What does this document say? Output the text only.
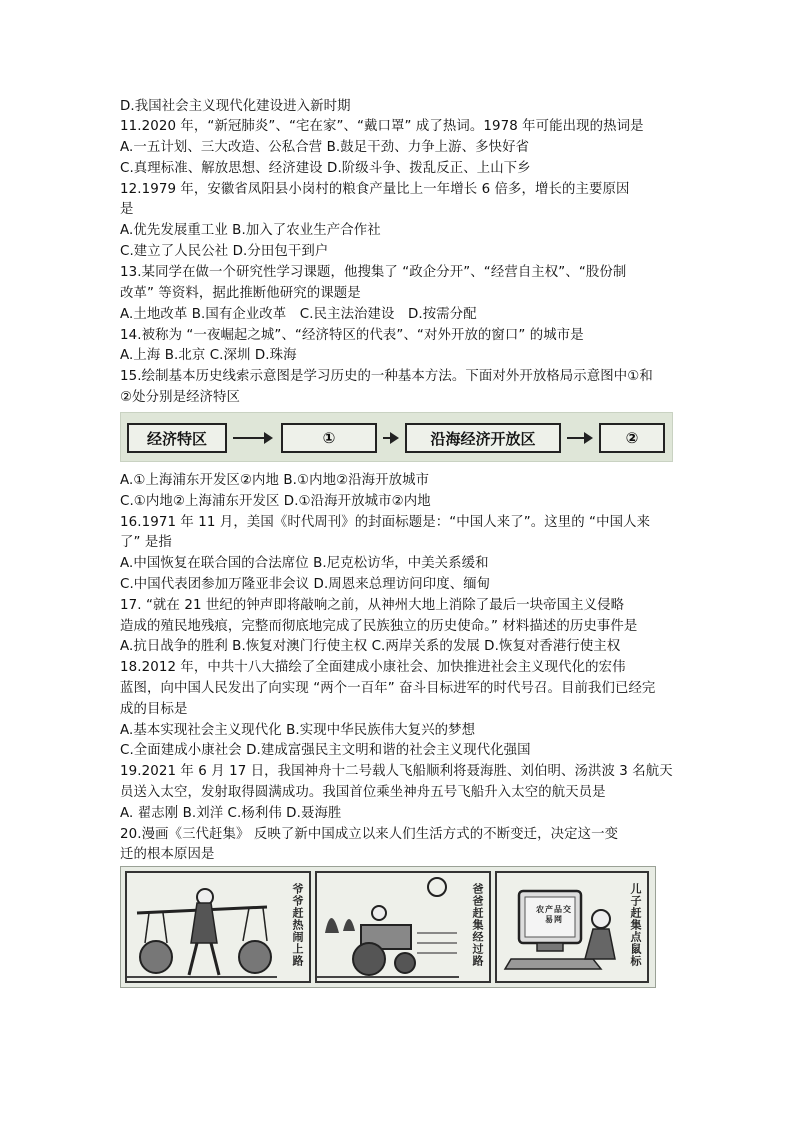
D.我国社会主义现代化建设进入新时期
11.2020 年，“新冠肺炎”、“宅在家”、“戴口罩” 成了热词。1978 年可能出现的热词是
A.一五计划、三大改造、公私合营 B.鼓足干劲、力争上游、多快好省
C.真理标准、解放思想、经济建设 D.阶级斗争、拨乱反正、上山下乡
12.1979 年，安徽省凤阳县小岗村的粮食产量比上一年增长 6 倍多，增长的主要原因
是
A.优先发展重工业 B.加入了农业生产合作社
C.建立了人民公社 D.分田包干到户
13.某同学在做一个研究性学习课题，他搜集了 “政企分开”、“经营自主权”、“股份制
改革” 等资料，据此推断他研究的课题是
A.土地改革 B.国有企业改革　C.民主法治建设　D.按需分配
14.被称为 “一夜崛起之城”、“经济特区的代表”、“对外开放的窗口” 的城市是
A.上海 B.北京 C.深圳 D.珠海
15.绘制基本历史线索示意图是学习历史的一种基本方法。下面对外开放格局示意图中①和
②处分别是经济特区
经济特区	①	沿海经济开放区	②
A.①上海浦东开发区②内地 B.①内地②沿海开放城市
C.①内地②上海浦东开发区 D.①沿海开放城市②内地
16.1971 年 11 月，美国《时代周刊》的封面标题是：“中国人来了”。这里的 “中国人来
了” 是指
A.中国恢复在联合国的合法席位 B.尼克松访华，中美关系缓和
C.中国代表团参加万隆亚非会议 D.周恩来总理访问印度、缅甸
17. “就在 21 世纪的钟声即将敲响之前，从神州大地上消除了最后一块帝国主义侵略
造成的殖民地残痕，完整而彻底地完成了民族独立的历史使命。” 材料描述的历史事件是
A.抗日战争的胜利 B.恢复对澳门行使主权 C.两岸关系的发展 D.恢复对香港行使主权
18.2012 年，中共十八大描绘了全面建成小康社会、加快推进社会主义现代化的宏伟
蓝图，向中国人民发出了向实现 “两个一百年” 奋斗目标进军的时代号召。目前我们已经完
成的目标是
A.基本实现社会主义现代化 B.实现中华民族伟大复兴的梦想
C.全面建成小康社会 D.建成富强民主文明和谐的社会主义现代化强国
19.2021 年 6 月 17 日，我国神舟十二号载人飞船顺利将聂海胜、刘伯明、汤洪波 3 名航天
员送入太空，发射取得圆满成功。我国首位乘坐神舟五号飞船升入太空的航天员是
A. 翟志刚 B.刘洋 C.杨利伟 D.聂海胜
20.漫画《三代赶集》 反映了新中国成立以来人们生活方式的不断变迁，决定这一变
迁的根本原因是
爷爷赶热闹上路	爸爸赶集经过路	农产品交易网	儿子赶集点鼠标
